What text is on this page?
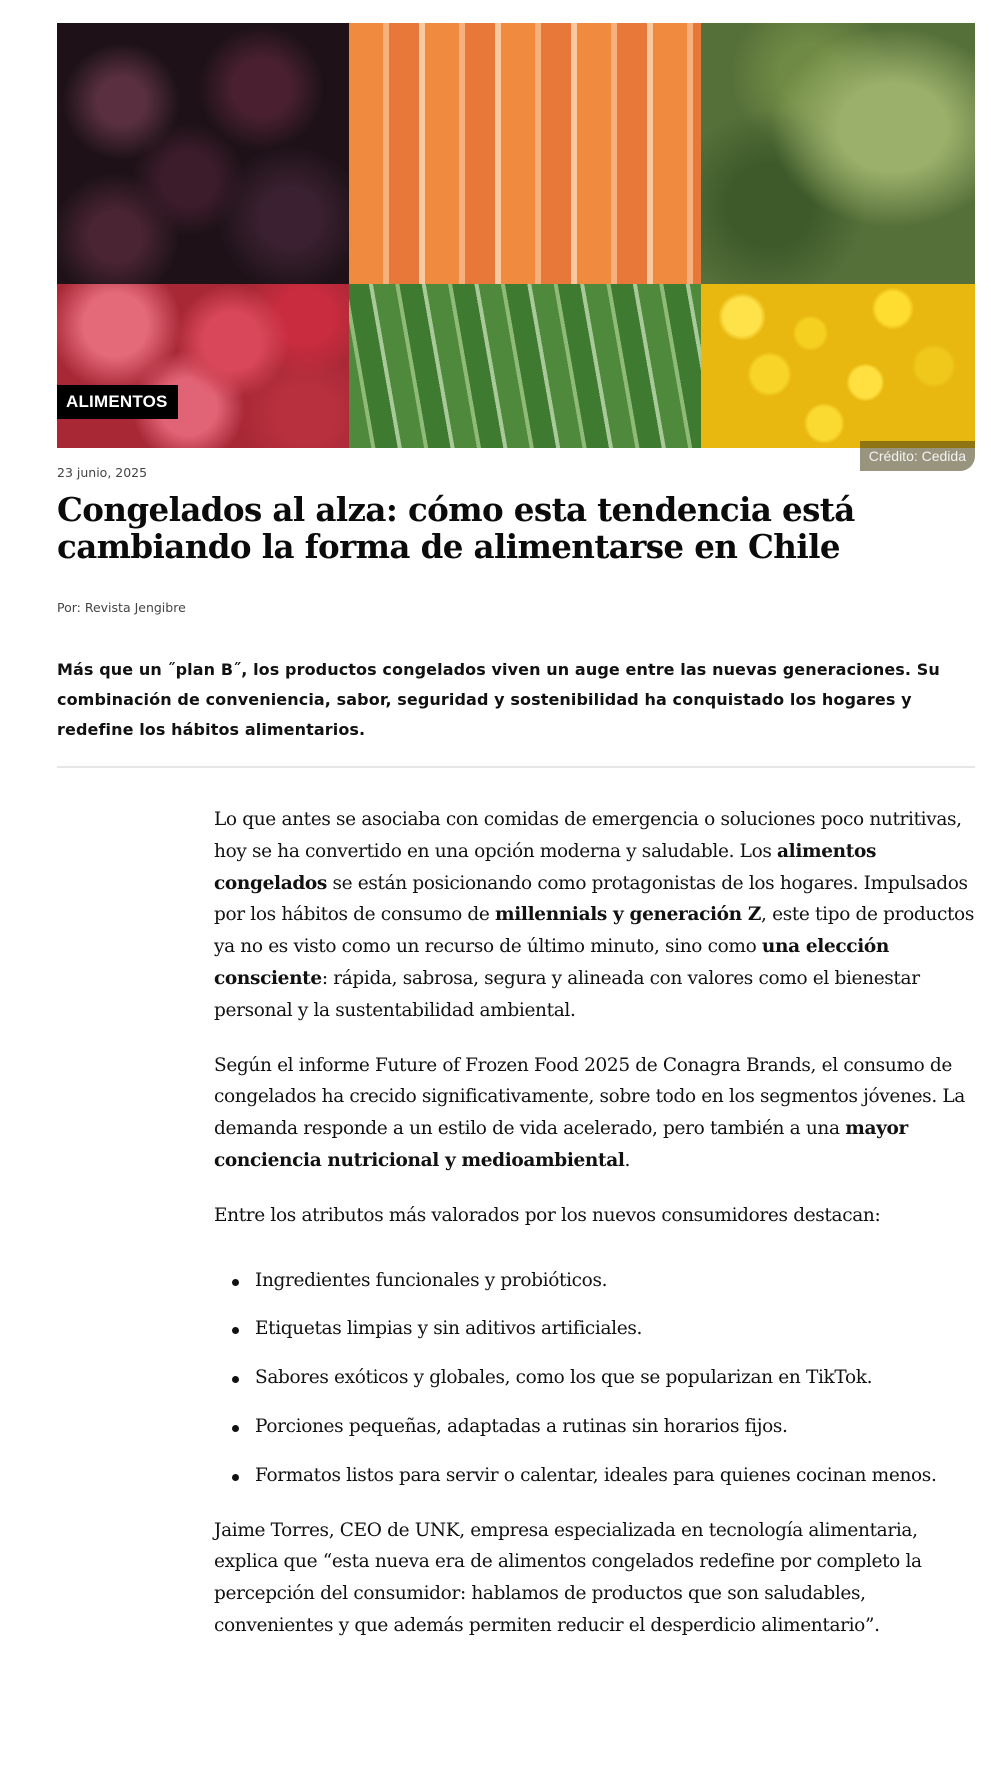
ALIMENTOS
Crédito: Cedida
23 junio, 2025
Congelados al alza: cómo esta tendencia está cambiando la forma de alimentarse en Chile
Por: Revista Jengibre
Más que un ˝plan B˝, los productos congelados viven un auge entre las nuevas generaciones. Su combinación de conveniencia, sabor, seguridad y sostenibilidad ha conquistado los hogares y redefine los hábitos alimentarios.

Lo que antes se asociaba con comidas de emergencia o soluciones poco nutritivas, hoy se ha convertido en una opción moderna y saludable. Los alimentos congelados se están posicionando como protagonistas de los hogares. Impulsados por los hábitos de consumo de millennials y generación Z, este tipo de productos ya no es visto como un recurso de último minuto, sino como una elección consciente: rápida, sabrosa, segura y alineada con valores como el bienestar personal y la sustentabilidad ambiental.

Según el informe Future of Frozen Food 2025 de Conagra Brands, el consumo de congelados ha crecido significativamente, sobre todo en los segmentos jóvenes. La demanda responde a un estilo de vida acelerado, pero también a una mayor conciencia nutricional y medioambiental.

Entre los atributos más valorados por los nuevos consumidores destacan:

Ingredientes funcionales y probióticos.
Etiquetas limpias y sin aditivos artificiales.
Sabores exóticos y globales, como los que se popularizan en TikTok.
Porciones pequeñas, adaptadas a rutinas sin horarios fijos.
Formatos listos para servir o calentar, ideales para quienes cocinan menos.

Jaime Torres, CEO de UNK, empresa especializada en tecnología alimentaria, explica que “esta nueva era de alimentos congelados redefine por completo la percepción del consumidor: hablamos de productos que son saludables, convenientes y que además permiten reducir el desperdicio alimentario”.
